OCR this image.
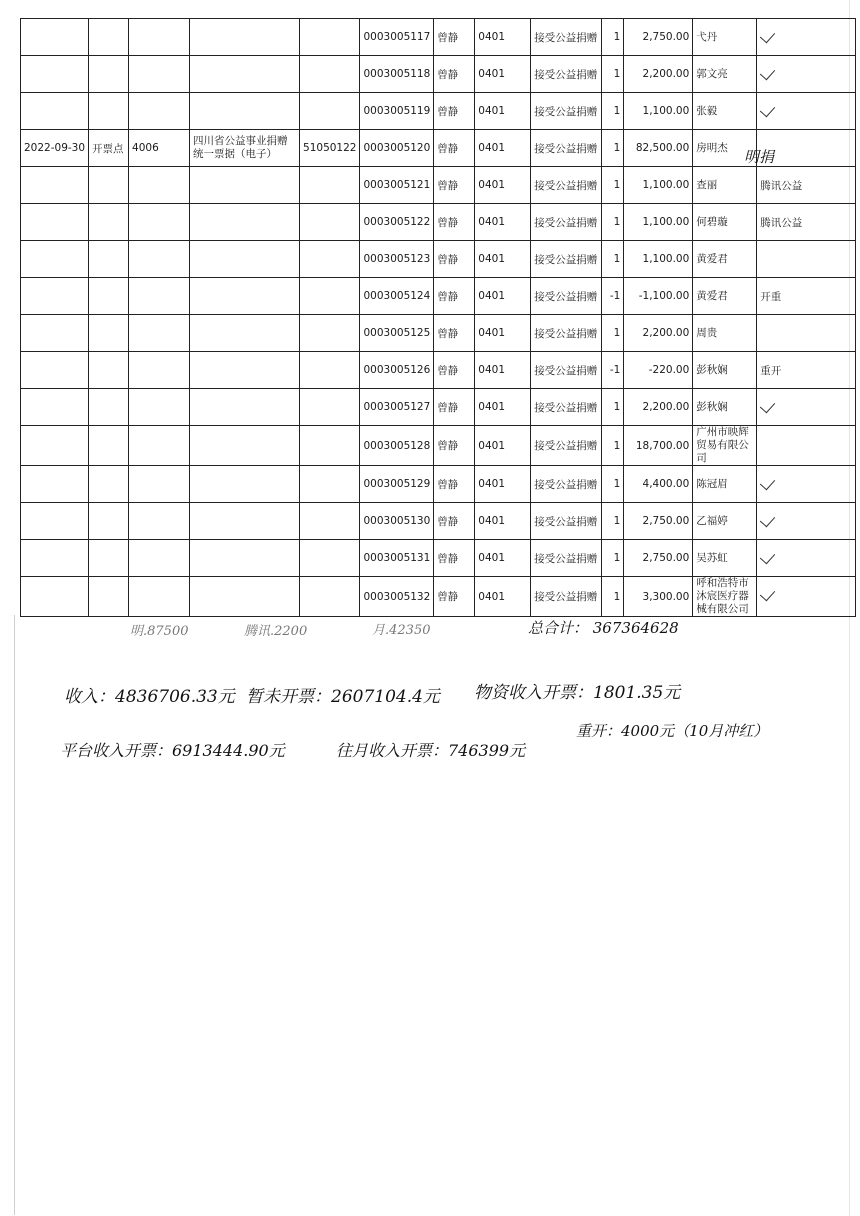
					0003005117	曾静	0401	接受公益捐赠	1	2,750.00	弋丹	

					0003005118	曾静	0401	接受公益捐赠	1	2,200.00	郭文亮	

					0003005119	曾静	0401	接受公益捐赠	1	1,100.00	张毅	

2022-09-30	开票点	4006	四川省公益事业捐赠统一票据（电子）	51050122	0003005120	曾静	0401	接受公益捐赠	1	82,500.00	房明杰	
					0003005121	曾静	0401	接受公益捐赠	1	1,100.00	查丽	腾讯公益
					0003005122	曾静	0401	接受公益捐赠	1	1,100.00	何碧璇	腾讯公益
					0003005123	曾静	0401	接受公益捐赠	1	1,100.00	黄爱君	
					0003005124	曾静	0401	接受公益捐赠	-1	-1,100.00	黄爱君	开重
					0003005125	曾静	0401	接受公益捐赠	1	2,200.00	周贵	
					0003005126	曾静	0401	接受公益捐赠	-1	-220.00	彭秋娴	重开
					0003005127	曾静	0401	接受公益捐赠	1	2,200.00	彭秋娴	

					0003005128	曾静	0401	接受公益捐赠	1	18,700.00	广州市映辉贸易有限公司	
					0003005129	曾静	0401	接受公益捐赠	1	4,400.00	陈冠眉	

					0003005130	曾静	0401	接受公益捐赠	1	2,750.00	乙福婷	

					0003005131	曾静	0401	接受公益捐赠	1	2,750.00	吴苏虹	

					0003005132	曾静	0401	接受公益捐赠	1	3,300.00	呼和浩特市沐宸医疗器械有限公司	
明捐
明.87500	腾讯.2200	月.42350	总合计： 367364628
收入：4836706.33元 暂未开票：2607104.4元 物资收入开票：1801.35元
平台收入开票：6913444.90元	往月收入开票：746399元
重开：4000元（10月冲红）
